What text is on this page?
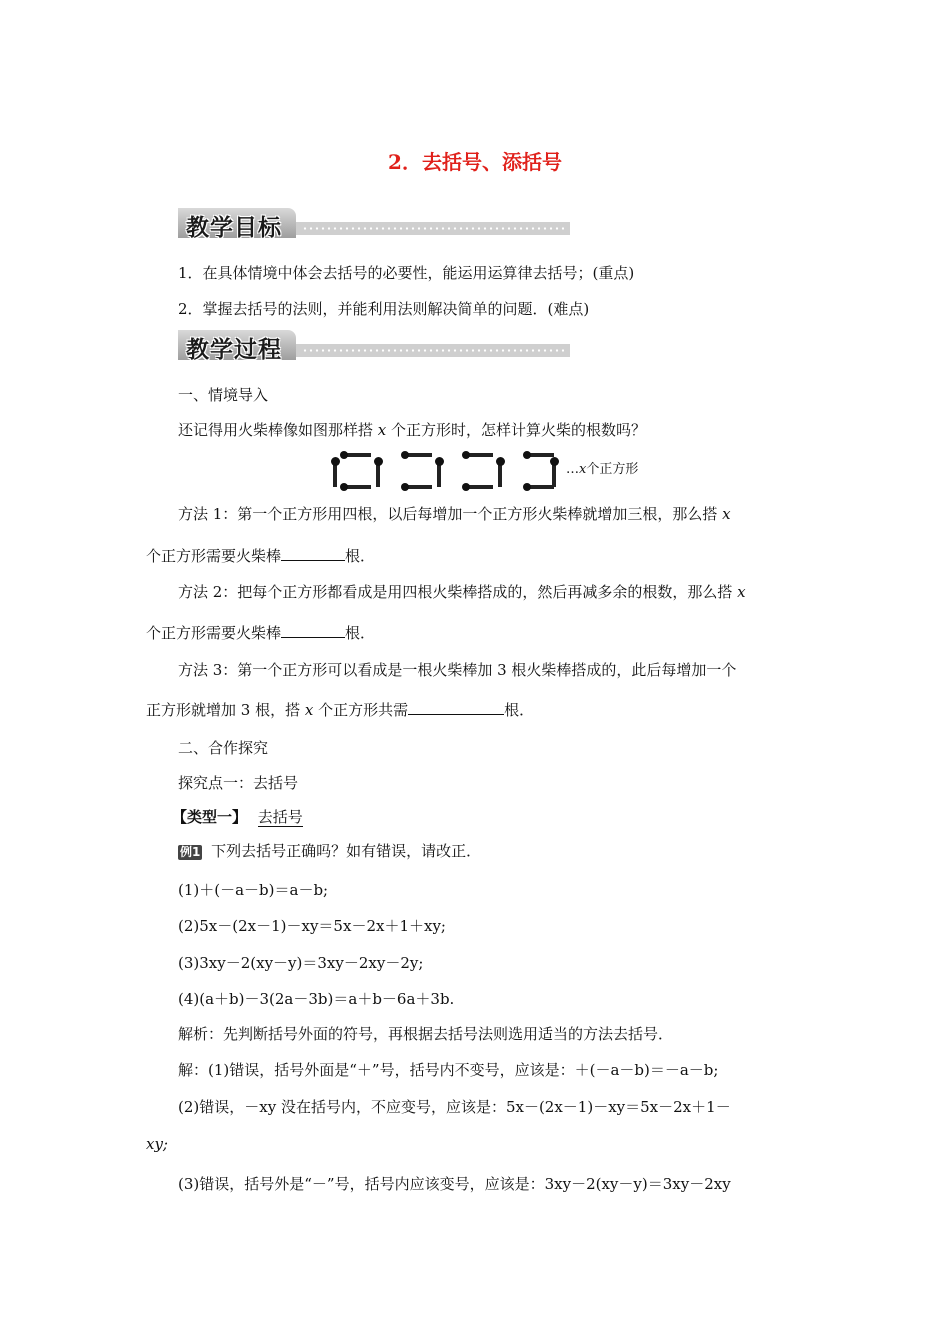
2．去括号、添括号
教学目标
1．在具体情境中体会去括号的必要性，能运用运算律去括号；(重点)
2．掌握去括号的法则，并能利用法则解决简单的问题．(难点)
教学过程
一、情境导入
还记得用火柴棒像如图那样搭 x 个正方形时，怎样计算火柴的根数吗？
…x个正方形
方法 1：第一个正方形用四根，以后每增加一个正方形火柴棒就增加三根，那么搭 x
个正方形需要火柴棒	根．
方法 2：把每个正方形都看成是用四根火柴棒搭成的，然后再减多余的根数，那么搭 x
个正方形需要火柴棒	根．
方法 3：第一个正方形可以看成是一根火柴棒加 3 根火柴棒搭成的，此后每增加一个
正方形就增加 3 根，搭 x 个正方形共需	根．
二、合作探究
探究点一：去括号
【类型一】 去括号
例1 下列去括号正确吗？如有错误，请改正．
(1)＋(－a－b)＝a－b;
(2)5x－(2x－1)－xy＝5x－2x＋1＋xy;
(3)3xy－2(xy－y)＝3xy－2xy－2y;
(4)(a＋b)－3(2a－3b)＝a＋b－6a＋3b.
解析：先判断括号外面的符号，再根据去括号法则选用适当的方法去括号．
解：(1)错误，括号外面是“＋”号，括号内不变号，应该是：＋(－a－b)＝－a－b;
(2)错误，－xy 没在括号内，不应变号，应该是：5x－(2x－1)－xy＝5x－2x＋1－
xy;
(3)错误，括号外是“－”号，括号内应该变号，应该是：3xy－2(xy－y)＝3xy－2xy
